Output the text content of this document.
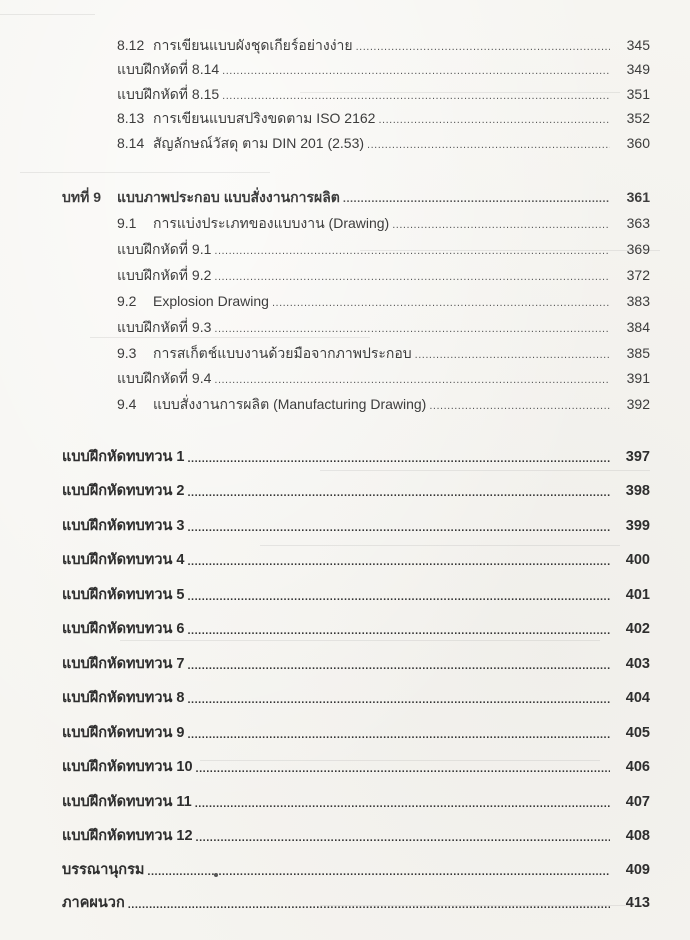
8.12 การเขียนแบบผังชุดเกียร์อย่างง่าย .....	345
แบบฝึกหัดที่ 8.14 .....	349
แบบฝึกหัดที่ 8.15 .....	351
8.13 การเขียนแบบสปริงขดตาม ISO 2162 .....	352
8.14 สัญลักษณ์วัสดุ ตาม DIN 201 (2.53) .....	360
บทที่ 9 แบบภาพประกอบ แบบสั่งงานการผลิต .....	361
9.1	การแบ่งประเภทของแบบงาน (Drawing) .....	363
แบบฝึกหัดที่ 9.1 .....	369
แบบฝึกหัดที่ 9.2 .....	372
9.2	Explosion Drawing .....	383
แบบฝึกหัดที่ 9.3 .....	384
9.3	การสเก็ตช์แบบงานด้วยมือจากภาพประกอบ .....	385
แบบฝึกหัดที่ 9.4 .....	391
9.4	แบบสั่งงานการผลิต (Manufacturing Drawing) .....	392
แบบฝึกหัดทบทวน 1 .....	397
แบบฝึกหัดทบทวน 2 .....	398
แบบฝึกหัดทบทวน 3 .....	399
แบบฝึกหัดทบทวน 4 .....	400
แบบฝึกหัดทบทวน 5 .....	401
แบบฝึกหัดทบทวน 6 .....	402
แบบฝึกหัดทบทวน 7 .....	403
แบบฝึกหัดทบทวน 8 .....	404
แบบฝึกหัดทบทวน 9 .....	405
แบบฝึกหัดทบทวน 10 .....	406
แบบฝึกหัดทบทวน 11 .....	407
แบบฝึกหัดทบทวน 12 .....	408
บรรณานุกรม .....	409
ภาคผนวก .....	413
